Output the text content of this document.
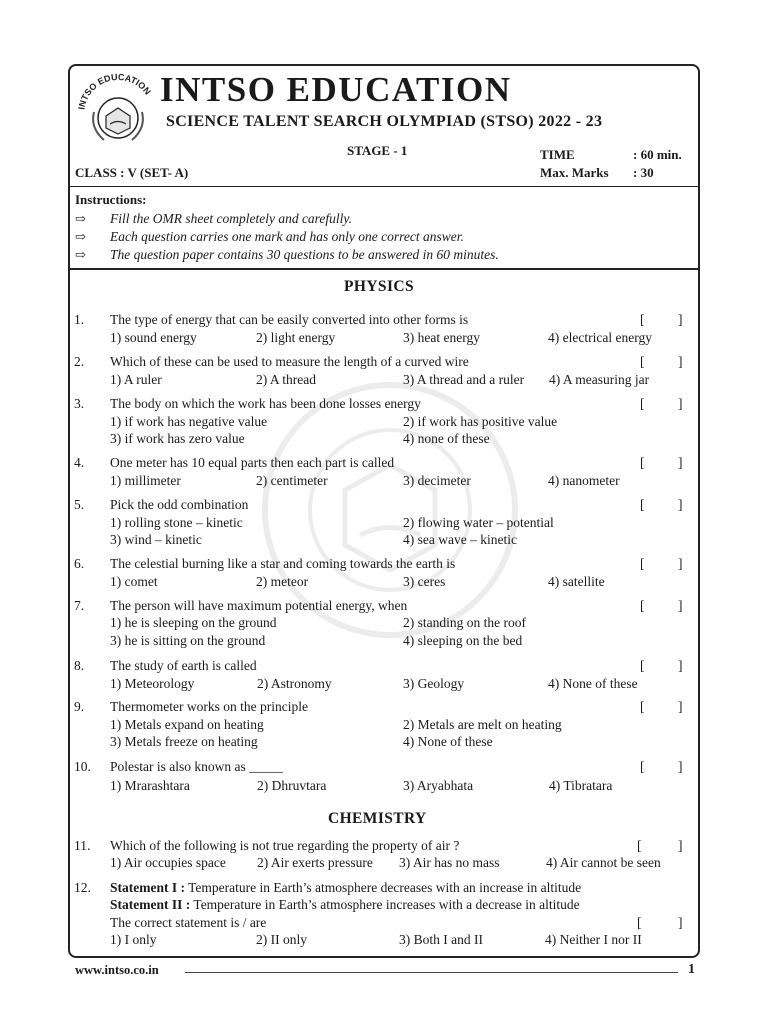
INTSO EDUCATION INTSO EDUCATION
SCIENCE TALENT SEARCH OLYMPIAD (STSO) 2022 - 23
STAGE - 1
CLASS : V (SET- A)
TIME	: 60 min.
Max. Marks : 30
Instructions:
⇨ Fill the OMR sheet completely and carefully.
⇨ Each question carries one mark and has only one correct answer.
⇨ The question paper contains 30 questions to be answered in 60 minutes.
PHYSICS
1. The type of energy that can be easily converted into other forms is	[ ]
1) sound energy	2) light energy	3) heat energy	4) electrical energy
2. Which of these can be used to measure the length of a curved wire	[ ]
1) A ruler	2) A thread	3) A thread and a ruler 4) A measuring jar
3. The body on which the work has been done losses energy	[ ]
1) if work has negative value	2) if work has positive value
3) if work has zero value	4) none of these
4. One meter has 10 equal parts then each part is called	[ ]
1) millimeter	2) centimeter	3) decimeter	4) nanometer
5. Pick the odd combination	[ ]
1) rolling stone – kinetic	2) flowing water – potential
3) wind – kinetic	4) sea wave – kinetic
6. The celestial burning like a star and coming towards the earth is	[ ]
1) comet	2) meteor	3) ceres	4) satellite
7. The person will have maximum potential energy, when	[ ]
1) he is sleeping on the ground	2) standing on the roof
3) he is sitting on the ground	4) sleeping on the bed
8. The study of earth is called	[ ]
1) Meteorology	2) Astronomy	3) Geology	4) None of these
9. Thermometer works on the principle	[ ]
1) Metals expand on heating	2) Metals are melt on heating
3) Metals freeze on heating	4) None of these
10. Polestar is also known as _____	[ ]
1) Mrarashtara	2) Dhruvtara	3) Aryabhata	4) Tibratara
CHEMISTRY
11. Which of the following is not true regarding the property of air ?	[	]
1) Air occupies space 2) Air exerts pressure 3) Air has no mass	4) Air cannot be seen
12. Statement I : Temperature in Earth’s atmosphere decreases with an increase in altitude
Statement II : Temperature in Earth’s atmosphere increases with a decrease in altitude
The correct statement is / are	[	]
1) I only	2) II only	3) Both I and II	4) Neither I nor II
www.intso.co.in	1
